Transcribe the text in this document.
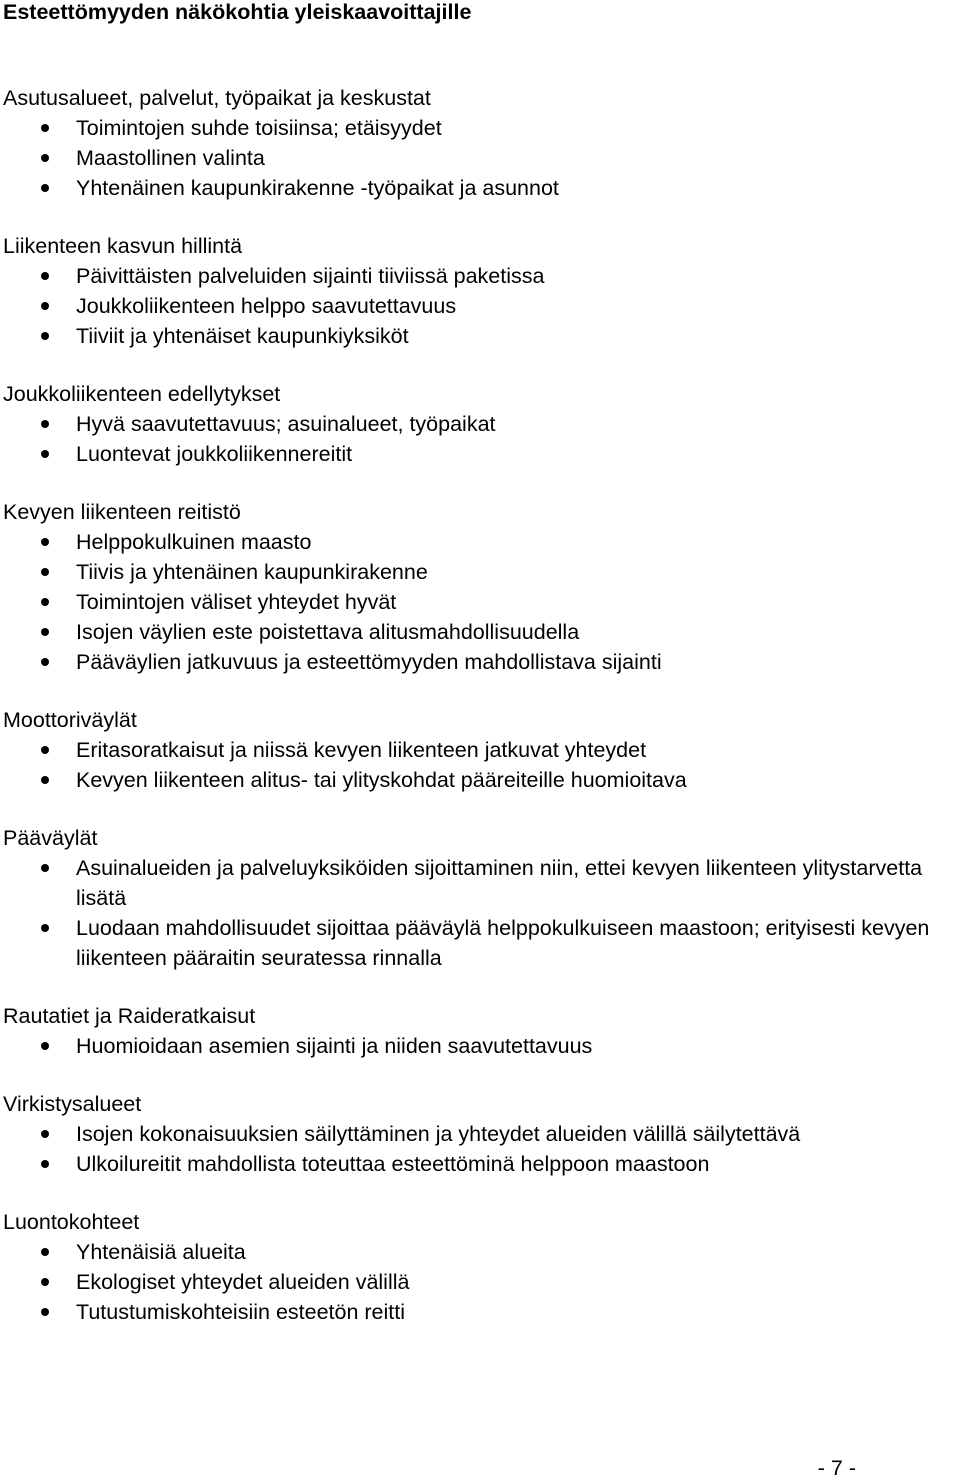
Esteettömyyden näkökohtia yleiskaavoittajille
Asutusalueet, palvelut, työpaikat ja keskustat
Toimintojen suhde toisiinsa; etäisyydet
Maastollinen valinta
Yhtenäinen kaupunkirakenne -työpaikat ja asunnot
Liikenteen kasvun hillintä
Päivittäisten palveluiden sijainti tiiviissä paketissa
Joukkoliikenteen helppo saavutettavuus
Tiiviit ja yhtenäiset kaupunkiyksiköt
Joukkoliikenteen edellytykset
Hyvä saavutettavuus; asuinalueet, työpaikat
Luontevat joukkoliikennereitit
Kevyen liikenteen reitistö
Helppokulkuinen maasto
Tiivis ja yhtenäinen kaupunkirakenne
Toimintojen väliset yhteydet hyvät
Isojen väylien este poistettava alitusmahdollisuudella
Pääväylien jatkuvuus ja esteettömyyden mahdollistava sijainti
Moottoriväylät
Eritasoratkaisut ja niissä kevyen liikenteen jatkuvat yhteydet
Kevyen liikenteen alitus- tai ylityskohdat pääreiteille huomioitava
Pääväylät
Asuinalueiden ja palveluyksiköiden sijoittaminen niin, ettei kevyen liikenteen ylitystarvetta lisätä
Luodaan mahdollisuudet sijoittaa pääväylä helppokulkuiseen maastoon; erityisesti kevyen liikenteen pääraitin seuratessa rinnalla
Rautatiet ja Raideratkaisut
Huomioidaan asemien sijainti ja niiden saavutettavuus
Virkistysalueet
Isojen kokonaisuuksien säilyttäminen ja yhteydet alueiden välillä säilytettävä
Ulkoilureitit mahdollista toteuttaa esteettöminä helppoon maastoon
Luontokohteet
Yhtenäisiä alueita
Ekologiset yhteydet alueiden välillä
Tutustumiskohteisiin esteetön reitti
- 7 -
